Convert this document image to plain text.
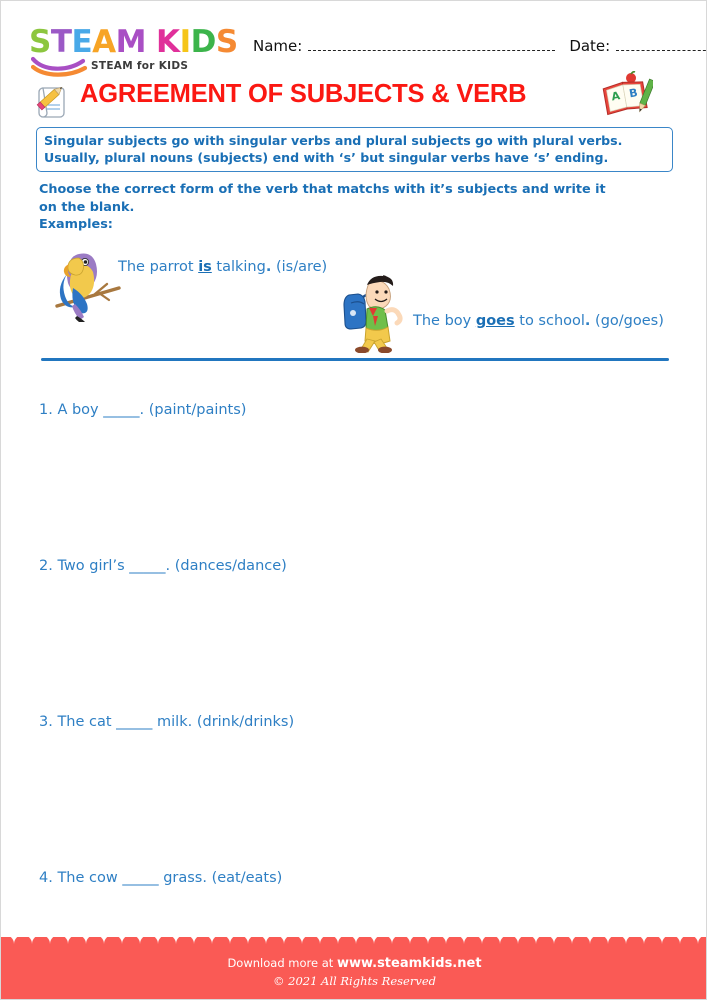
STEAM KIDS
STEAM for KIDS
Name:	Date:
AGREEMENT OF SUBJECTS & VERB	A B
Singular subjects go with singular verbs and plural subjects go with plural verbs.
Usually, plural nouns (subjects) end with ‘s’ but singular verbs have ‘s’ ending.
Choose the correct form of the verb that matchs with it’s subjects and write it
on the blank.
Examples:
The parrot is talking. (is/are)
The boy goes to school. (go/goes)
1. A boy _____. (paint/paints)
2. Two girl’s _____. (dances/dance)
3. The cat _____ milk. (drink/drinks)
4. The cow _____ grass. (eat/eats)
Download more at www.steamkids.net
© 2021 All Rights Reserved
